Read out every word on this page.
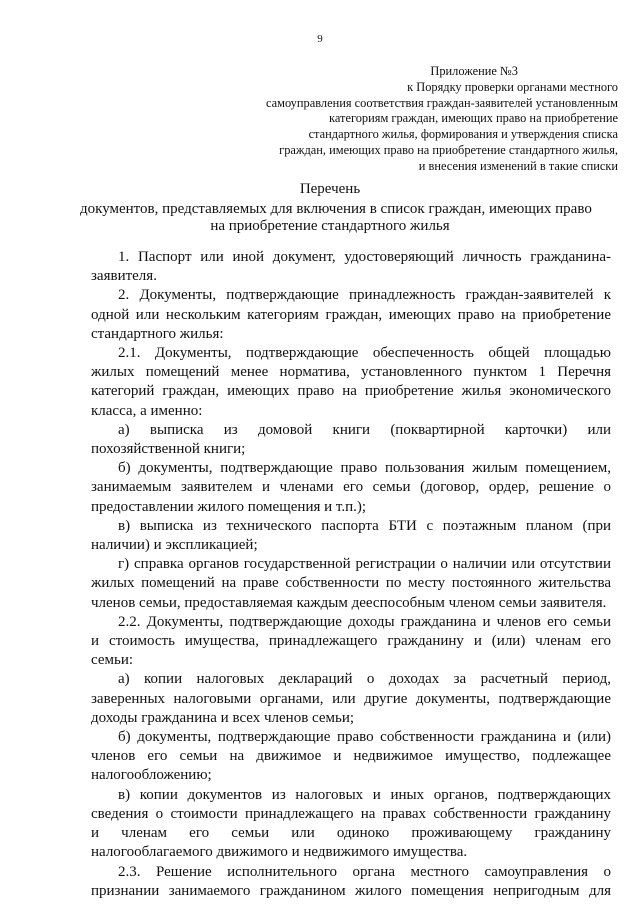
9
Приложение №3
к Порядку проверки органами местного
самоуправления соответствия граждан-заявителей установленным
категориям граждан, имеющих право на приобретение
стандартного жилья, формирования и утверждения списка
граждан, имеющих право на приобретение стандартного жилья,
и внесения изменений в такие списки
Перечень
документов, представляемых для включения в список граждан, имеющих право
на приобретение стандартного жилья
1. Паспорт или иной документ, удостоверяющий личность гражданина-
заявителя.
2. Документы, подтверждающие принадлежность граждан-заявителей к
одной или нескольким категориям граждан, имеющих право на приобретение
стандартного жилья:
2.1. Документы, подтверждающие обеспеченность общей площадью
жилых помещений менее норматива, установленного пунктом 1 Перечня
категорий граждан, имеющих право на приобретение жилья экономического
класса, а именно:
а) выписка из домовой книги (поквартирной карточки) или
похозяйственной книги;
б) документы, подтверждающие право пользования жилым помещением,
занимаемым заявителем и членами его семьи (договор, ордер, решение о
предоставлении жилого помещения и т.п.);
в) выписка из технического паспорта БТИ с поэтажным планом (при
наличии) и экспликацией;
г) справка органов государственной регистрации о наличии или отсутствии
жилых помещений на праве собственности по месту постоянного жительства
членов семьи, предоставляемая каждым дееспособным членом семьи заявителя.
2.2. Документы, подтверждающие доходы гражданина и членов его семьи
и стоимость имущества, принадлежащего гражданину и (или) членам его
семьи:
а) копии налоговых деклараций о доходах за расчетный период,
заверенных налоговыми органами, или другие документы, подтверждающие
доходы гражданина и всех членов семьи;
б) документы, подтверждающие право собственности гражданина и (или)
членов его семьи на движимое и недвижимое имущество, подлежащее
налогообложению;
в) копии документов из налоговых и иных органов, подтверждающих
сведения о стоимости принадлежащего на правах собственности гражданину
и членам его семьи или одиноко проживающему гражданину
налогооблагаемого движимого и недвижимого имущества.
2.3. Решение исполнительного органа местного самоуправления о
признании занимаемого гражданином жилого помещения непригодным для
